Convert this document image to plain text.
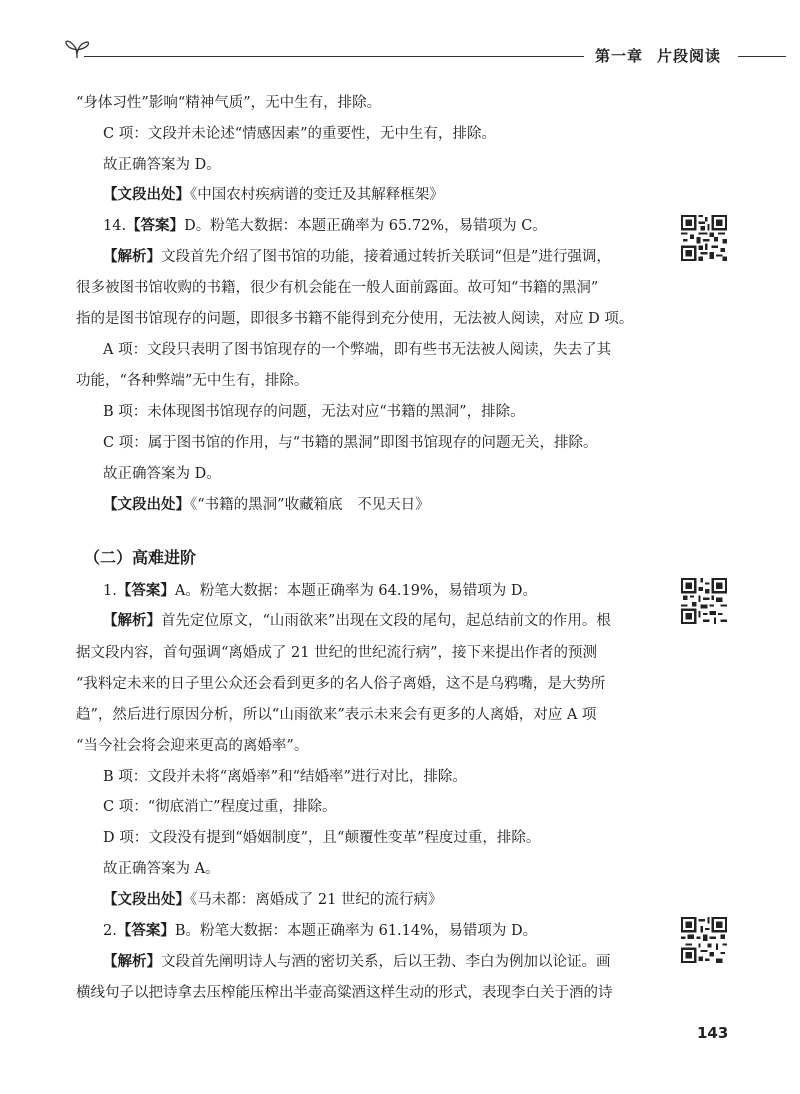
第一章 片段阅读
“身体习性”影响“精神气质”，无中生有，排除。
C 项：文段并未论述“情感因素”的重要性，无中生有，排除。
故正确答案为 D。
【文段出处】《中国农村疾病谱的变迁及其解释框架》
14.【答案】D。粉笔大数据：本题正确率为 65.72%，易错项为 C。
【解析】文段首先介绍了图书馆的功能，接着通过转折关联词“但是”进行强调，
很多被图书馆收购的书籍，很少有机会能在一般人面前露面。故可知“书籍的黑洞”
指的是图书馆现存的问题，即很多书籍不能得到充分使用，无法被人阅读，对应 D 项。
A 项：文段只表明了图书馆现存的一个弊端，即有些书无法被人阅读，失去了其
功能，“各种弊端”无中生有，排除。
B 项：未体现图书馆现存的问题，无法对应“书籍的黑洞”，排除。
C 项：属于图书馆的作用，与“书籍的黑洞”即图书馆现存的问题无关，排除。
故正确答案为 D。
【文段出处】《“书籍的黑洞”收藏箱底　不见天日》
（二）高难进阶
1.【答案】A。粉笔大数据：本题正确率为 64.19%，易错项为 D。
【解析】首先定位原文，“山雨欲来”出现在文段的尾句，起总结前文的作用。根
据文段内容，首句强调“离婚成了 21 世纪的世纪流行病”，接下来提出作者的预测
“我料定未来的日子里公众还会看到更多的名人俗子离婚，这不是乌鸦嘴，是大势所
趋”，然后进行原因分析，所以“山雨欲来”表示未来会有更多的人离婚，对应 A 项
“当今社会将会迎来更高的离婚率”。
B 项：文段并未将“离婚率”和“结婚率”进行对比，排除。
C 项：“彻底消亡”程度过重，排除。
D 项：文段没有提到“婚姻制度”，且“颠覆性变革”程度过重，排除。
故正确答案为 A。
【文段出处】《马未都：离婚成了 21 世纪的流行病》
2.【答案】B。粉笔大数据：本题正确率为 61.14%，易错项为 D。
【解析】文段首先阐明诗人与酒的密切关系，后以王勃、李白为例加以论证。画
横线句子以把诗拿去压榨能压榨出半壶高粱酒这样生动的形式，表现李白关于酒的诗
143
